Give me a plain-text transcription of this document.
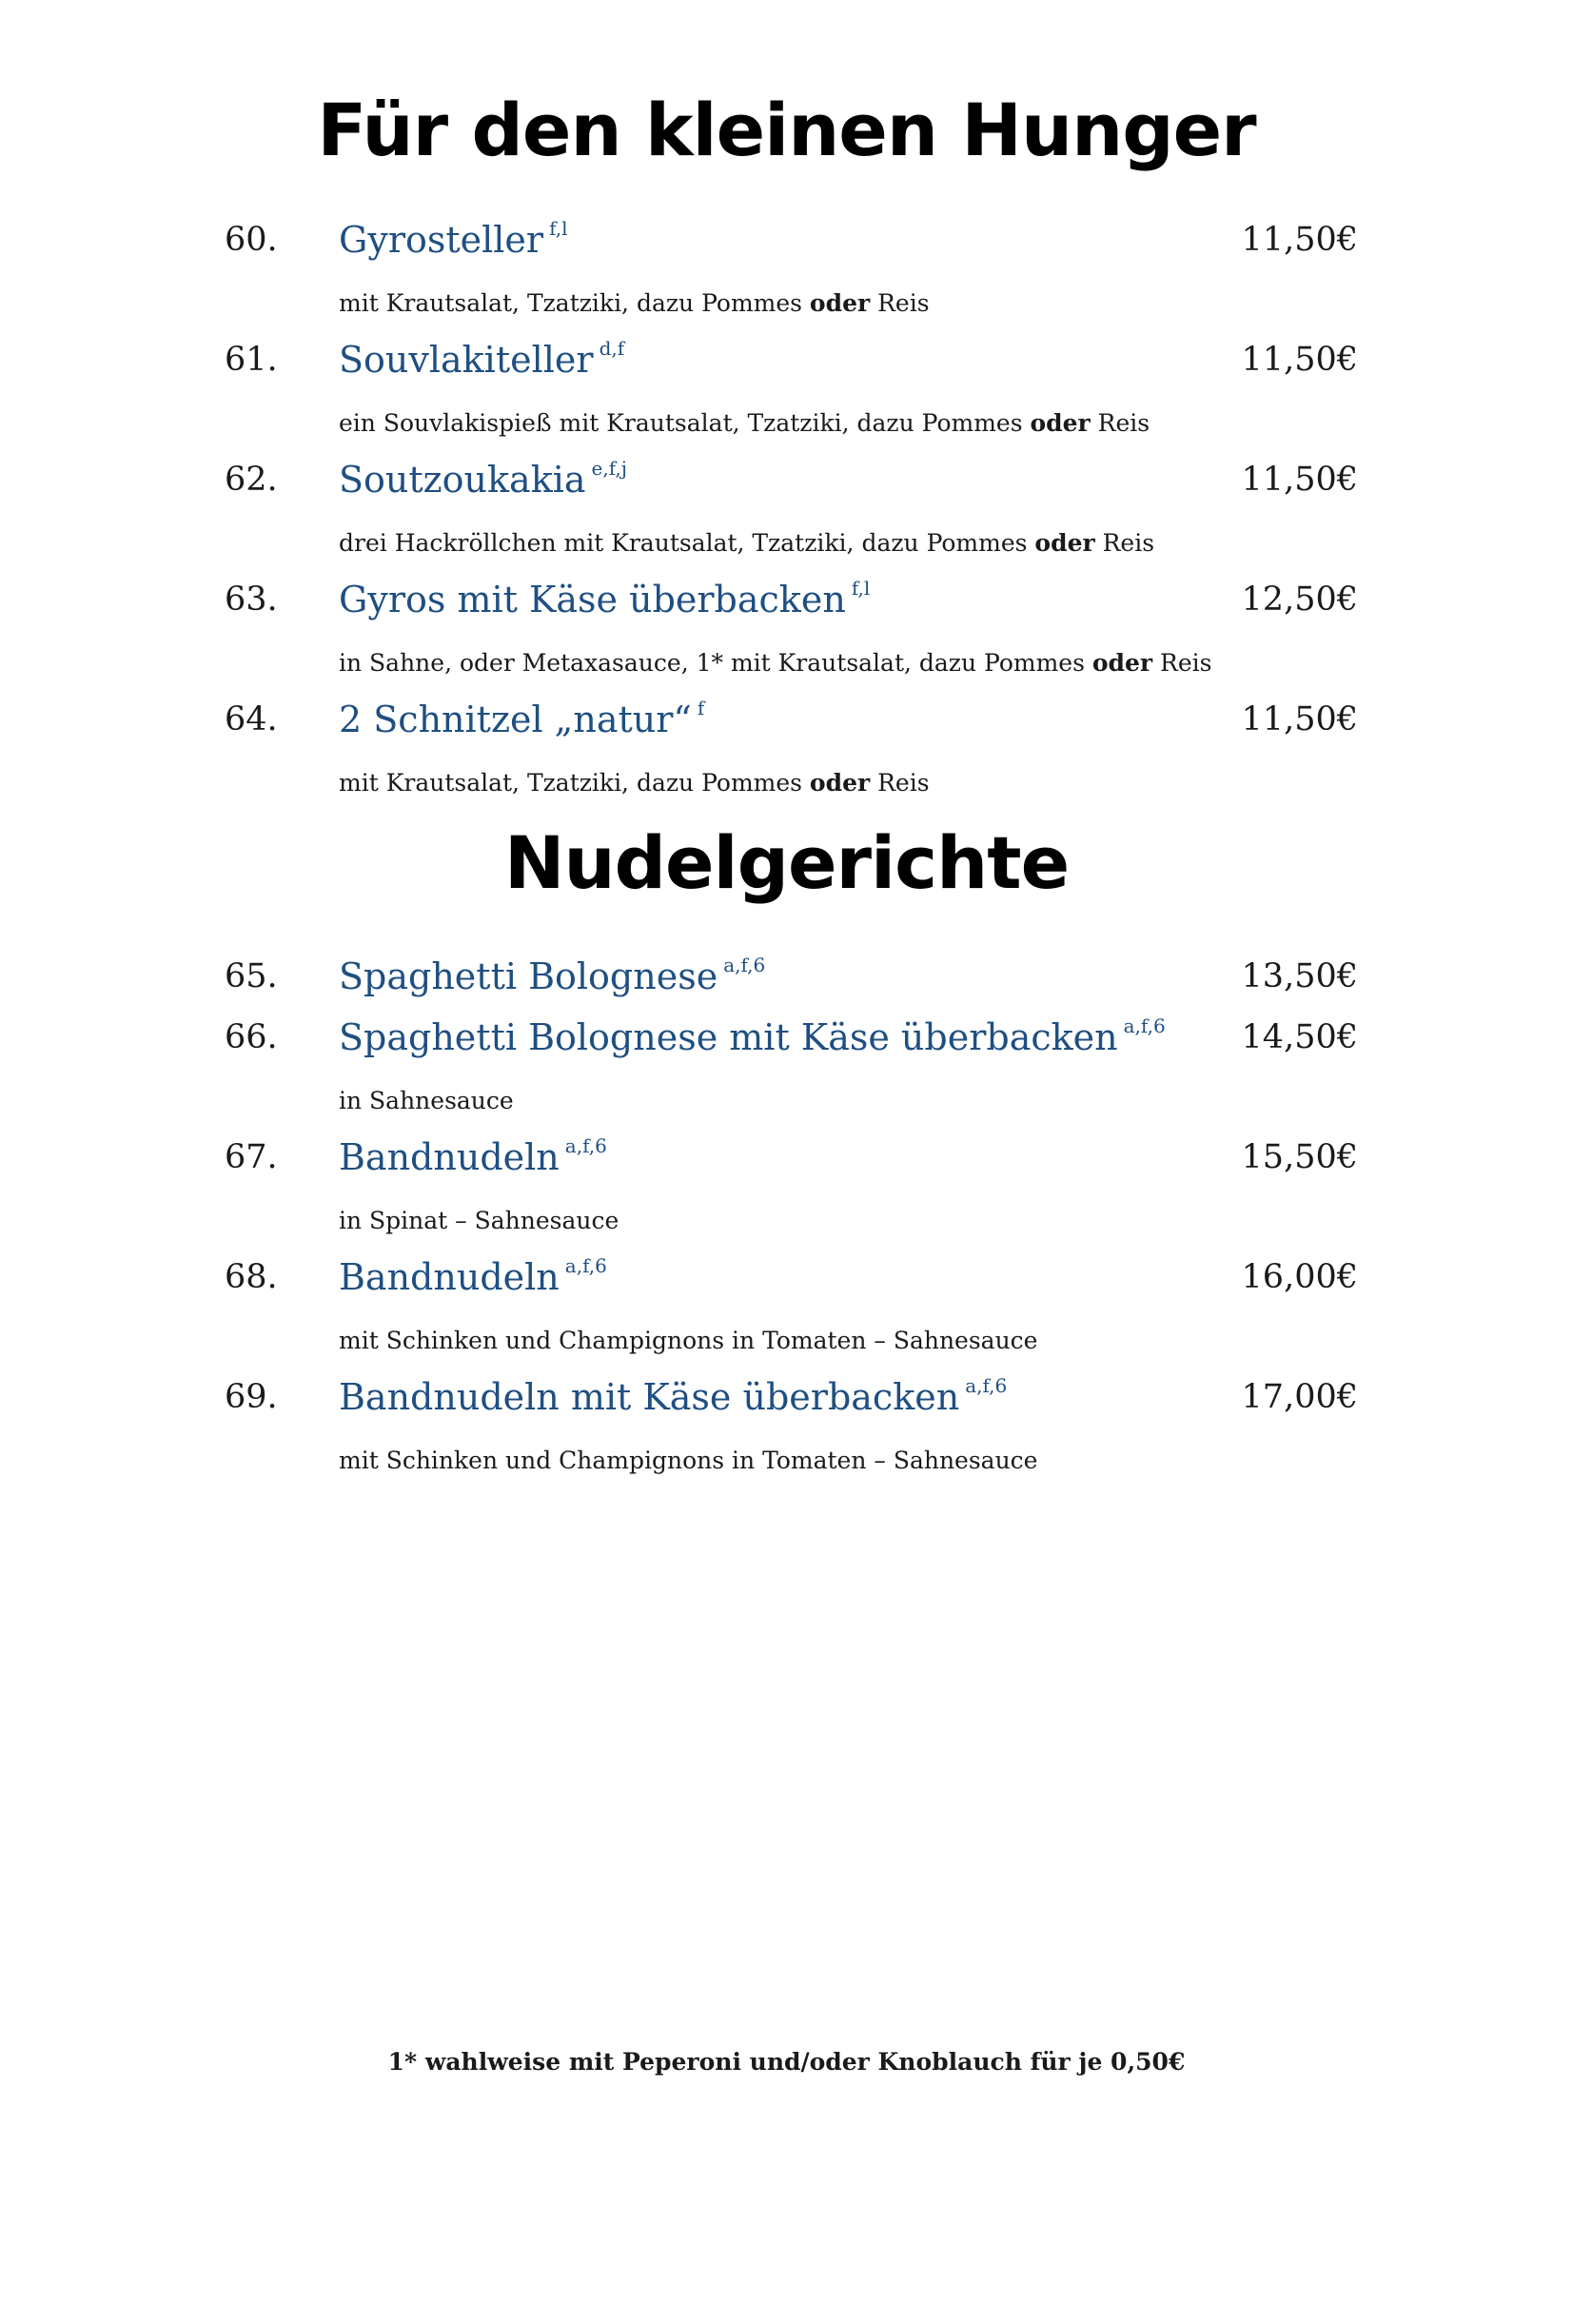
Für den kleinen Hunger
60. Gyrosteller $^{f,l}$	11,50€
mit Krautsalat, Tzatziki, dazu Pommes oder Reis
61. Souvlakiteller $^{d,f}$	11,50€
ein Souvlakispieß mit Krautsalat, Tzatziki, dazu Pommes oder Reis
62. Soutzoukakia $^{e,f,j}$	11,50€
drei Hackröllchen mit Krautsalat, Tzatziki, dazu Pommes oder Reis
63. Gyros mit Käse überbacken $^{f,l}$	12,50€
in Sahne, oder Metaxasauce, 1* mit Krautsalat, dazu Pommes oder Reis
64. 2 Schnitzel „natur“ $^f$	11,50€
mit Krautsalat, Tzatziki, dazu Pommes oder Reis
Nudelgerichte
65. Spaghetti Bolognese $^{a,f,6}$	13,50€
66. Spaghetti Bolognese mit Käse überbacken $^{a,f,6}$ 14,50€
in Sahnesauce
67. Bandnudeln $^{a,f,6}$	15,50€
in Spinat – Sahnesauce
68. Bandnudeln $^{a,f,6}$	16,00€
mit Schinken und Champignons in Tomaten – Sahnesauce
69. Bandnudeln mit Käse überbacken $^{a,f,6}$	17,00€
mit Schinken und Champignons in Tomaten – Sahnesauce
1* wahlweise mit Peperoni und/oder Knoblauch für je 0,50€
